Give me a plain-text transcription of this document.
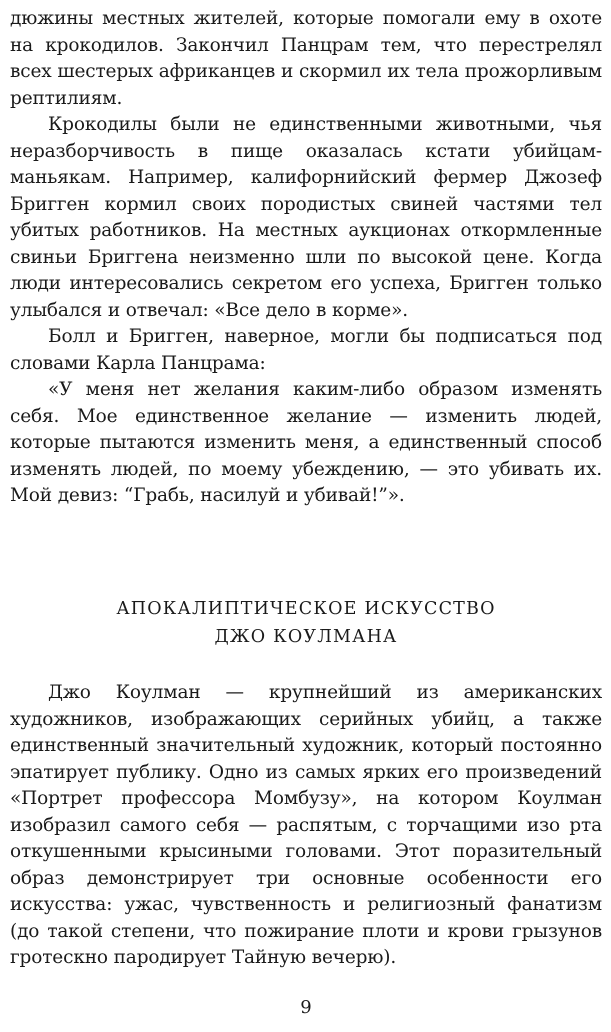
дюжины местных жителей, которые помогали ему в охоте на крокодилов. Закончил Панцрам тем, что перестрелял всех шестерых африканцев и скормил их тела прожорливым рептилиям.

Крокодилы были не единственными животными, чья неразборчивость в пище оказалась кстати убийцам-маньякам. Например, калифорнийский фермер Джозеф Бригген кормил своих породистых свиней частями тел убитых работников. На местных аукционах откормленные свиньи Бриггена неизменно шли по высокой цене. Когда люди интересовались секретом его успеха, Бригген только улыбался и отвечал: «Все дело в корме».

Болл и Бригген, наверное, могли бы подписаться под словами Карла Панцрама:

«У меня нет желания каким-либо образом изменять себя. Мое единственное желание — изменить людей, которые пытаются изменить меня, а единственный способ изменять людей, по моему убеждению, — это убивать их. Мой девиз: “Грабь, насилуй и убивай!”».

АПОКАЛИПТИЧЕСКОЕ ИСКУССТВО
ДЖО КОУЛМАНА

Джо Коулман — крупнейший из американских художников, изображающих серийных убийц, а также единственный значительный художник, который постоянно эпатирует публику. Одно из самых ярких его произведений «Портрет профессора Момбузу», на котором Коулман изобразил самого себя — распятым, с торчащими изо рта откушенными крысиными головами. Этот поразительный образ демонстрирует три основные особенности его искусства: ужас, чувственность и религиозный фанатизм (до такой степени, что пожирание плоти и крови грызунов гротескно пародирует Тайную вечерю).

9
